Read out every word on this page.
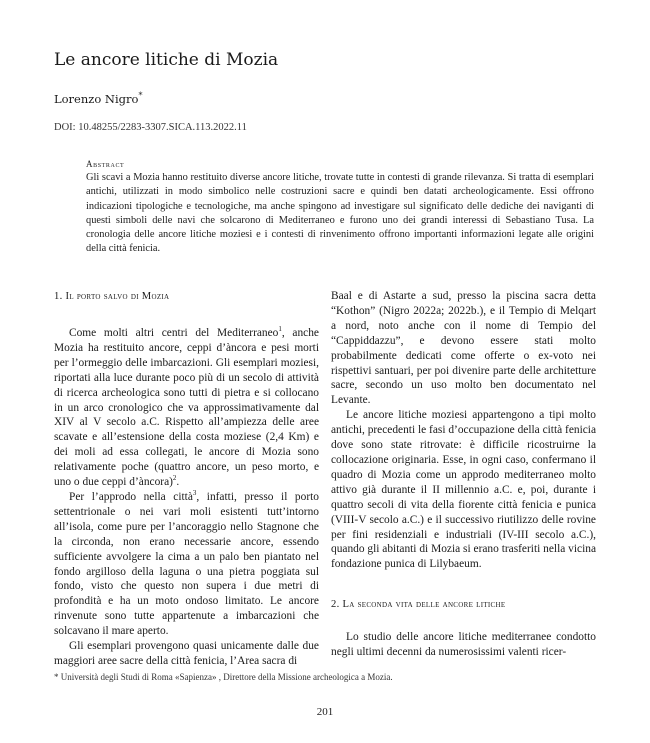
Le ancore litiche di Mozia
Lorenzo Nigro*
DOI: 10.48255/2283-3307.SICA.113.2022.11
Abstract
Gli scavi a Mozia hanno restituito diverse ancore litiche, trovate tutte in contesti di grande rilevanza. Si tratta di esemplari antichi, utilizzati in modo simbolico nelle costruzioni sacre e quindi ben datati archeologicamente. Essi offrono indicazioni tipologiche e tecnologiche, ma anche spingono ad investigare sul significato delle dediche dei naviganti di questi simboli delle navi che solcarono di Mediterraneo e furono uno dei grandi interessi di Sebastiano Tusa. La cronologia delle ancore litiche moziesi e i contesti di rinvenimento offrono importanti informazioni legate alle origini della città fenicia.
1. Il porto salvo di Mozia

Come molti altri centri del Mediterraneo$^1$, anche Mozia ha restituito ancore, ceppi d’àncora e pesi morti per l’ormeggio delle imbarcazioni. Gli esemplari moziesi, riportati alla luce durante poco più di un secolo di attività di ricerca archeologica sono tutti di pietra e si collocano in un arco cronologico che va approssimativamente dal XIV al V secolo a.C. Rispetto all’ampiezza delle aree scavate e all’estensione della costa moziese (2,4 Km) e dei moli ad essa collegati, le ancore di Mozia sono relativamente poche (quattro ancore, un peso morto, e uno o due ceppi d’àncora)$^2$.

Per l’approdo nella città$^3$, infatti, presso il porto settentrionale o nei vari moli esistenti tutt’intorno all’isola, come pure per l’ancoraggio nello Stagnone che la circonda, non erano necessarie ancore, essendo sufficiente avvolgere la cima a un palo ben piantato nel fondo argilloso della laguna o una pietra poggiata sul fondo, visto che questo non supera i due metri di profondità e ha un moto ondoso limitato. Le ancore rinvenute sono tutte appartenute a imbarcazioni che solcavano il mare aperto.

Gli esemplari provengono quasi unicamente dalle due maggiori aree sacre della città fenicia, l’Area sacra di

Baal e di Astarte a sud, presso la piscina sacra detta “Kothon” (Nigro 2022a; 2022b.), e il Tempio di Melqart a nord, noto anche con il nome di Tempio del “Cappiddazzu”, e devono essere stati molto probabilmente dedicati come offerte o ex-voto nei rispettivi santuari, per poi divenire parte delle architetture sacre, secondo un uso molto ben documentato nel Levante.

Le ancore litiche moziesi appartengono a tipi molto antichi, precedenti le fasi d’occupazione della città fenicia dove sono state ritrovate: è difficile ricostruirne la collocazione originaria. Esse, in ogni caso, confermano il quadro di Mozia come un approdo mediterraneo molto attivo già durante il II millennio a.C. e, poi, durante i quattro secoli di vita della fiorente città fenicia e punica (VIII-V secolo a.C.) e il successivo riutilizzo delle rovine per fini residenziali e industriali (IV-III secolo a.C.), quando gli abitanti di Mozia si erano trasferiti nella vicina fondazione punica di Lilybaeum.

2. La seconda vita delle ancore litiche

Lo studio delle ancore litiche mediterranee condotto negli ultimi decenni da numerosissimi valenti ricer-

* Università degli Studi di Roma «Sapienza» , Direttore della Missione archeologica a Mozia.
201
